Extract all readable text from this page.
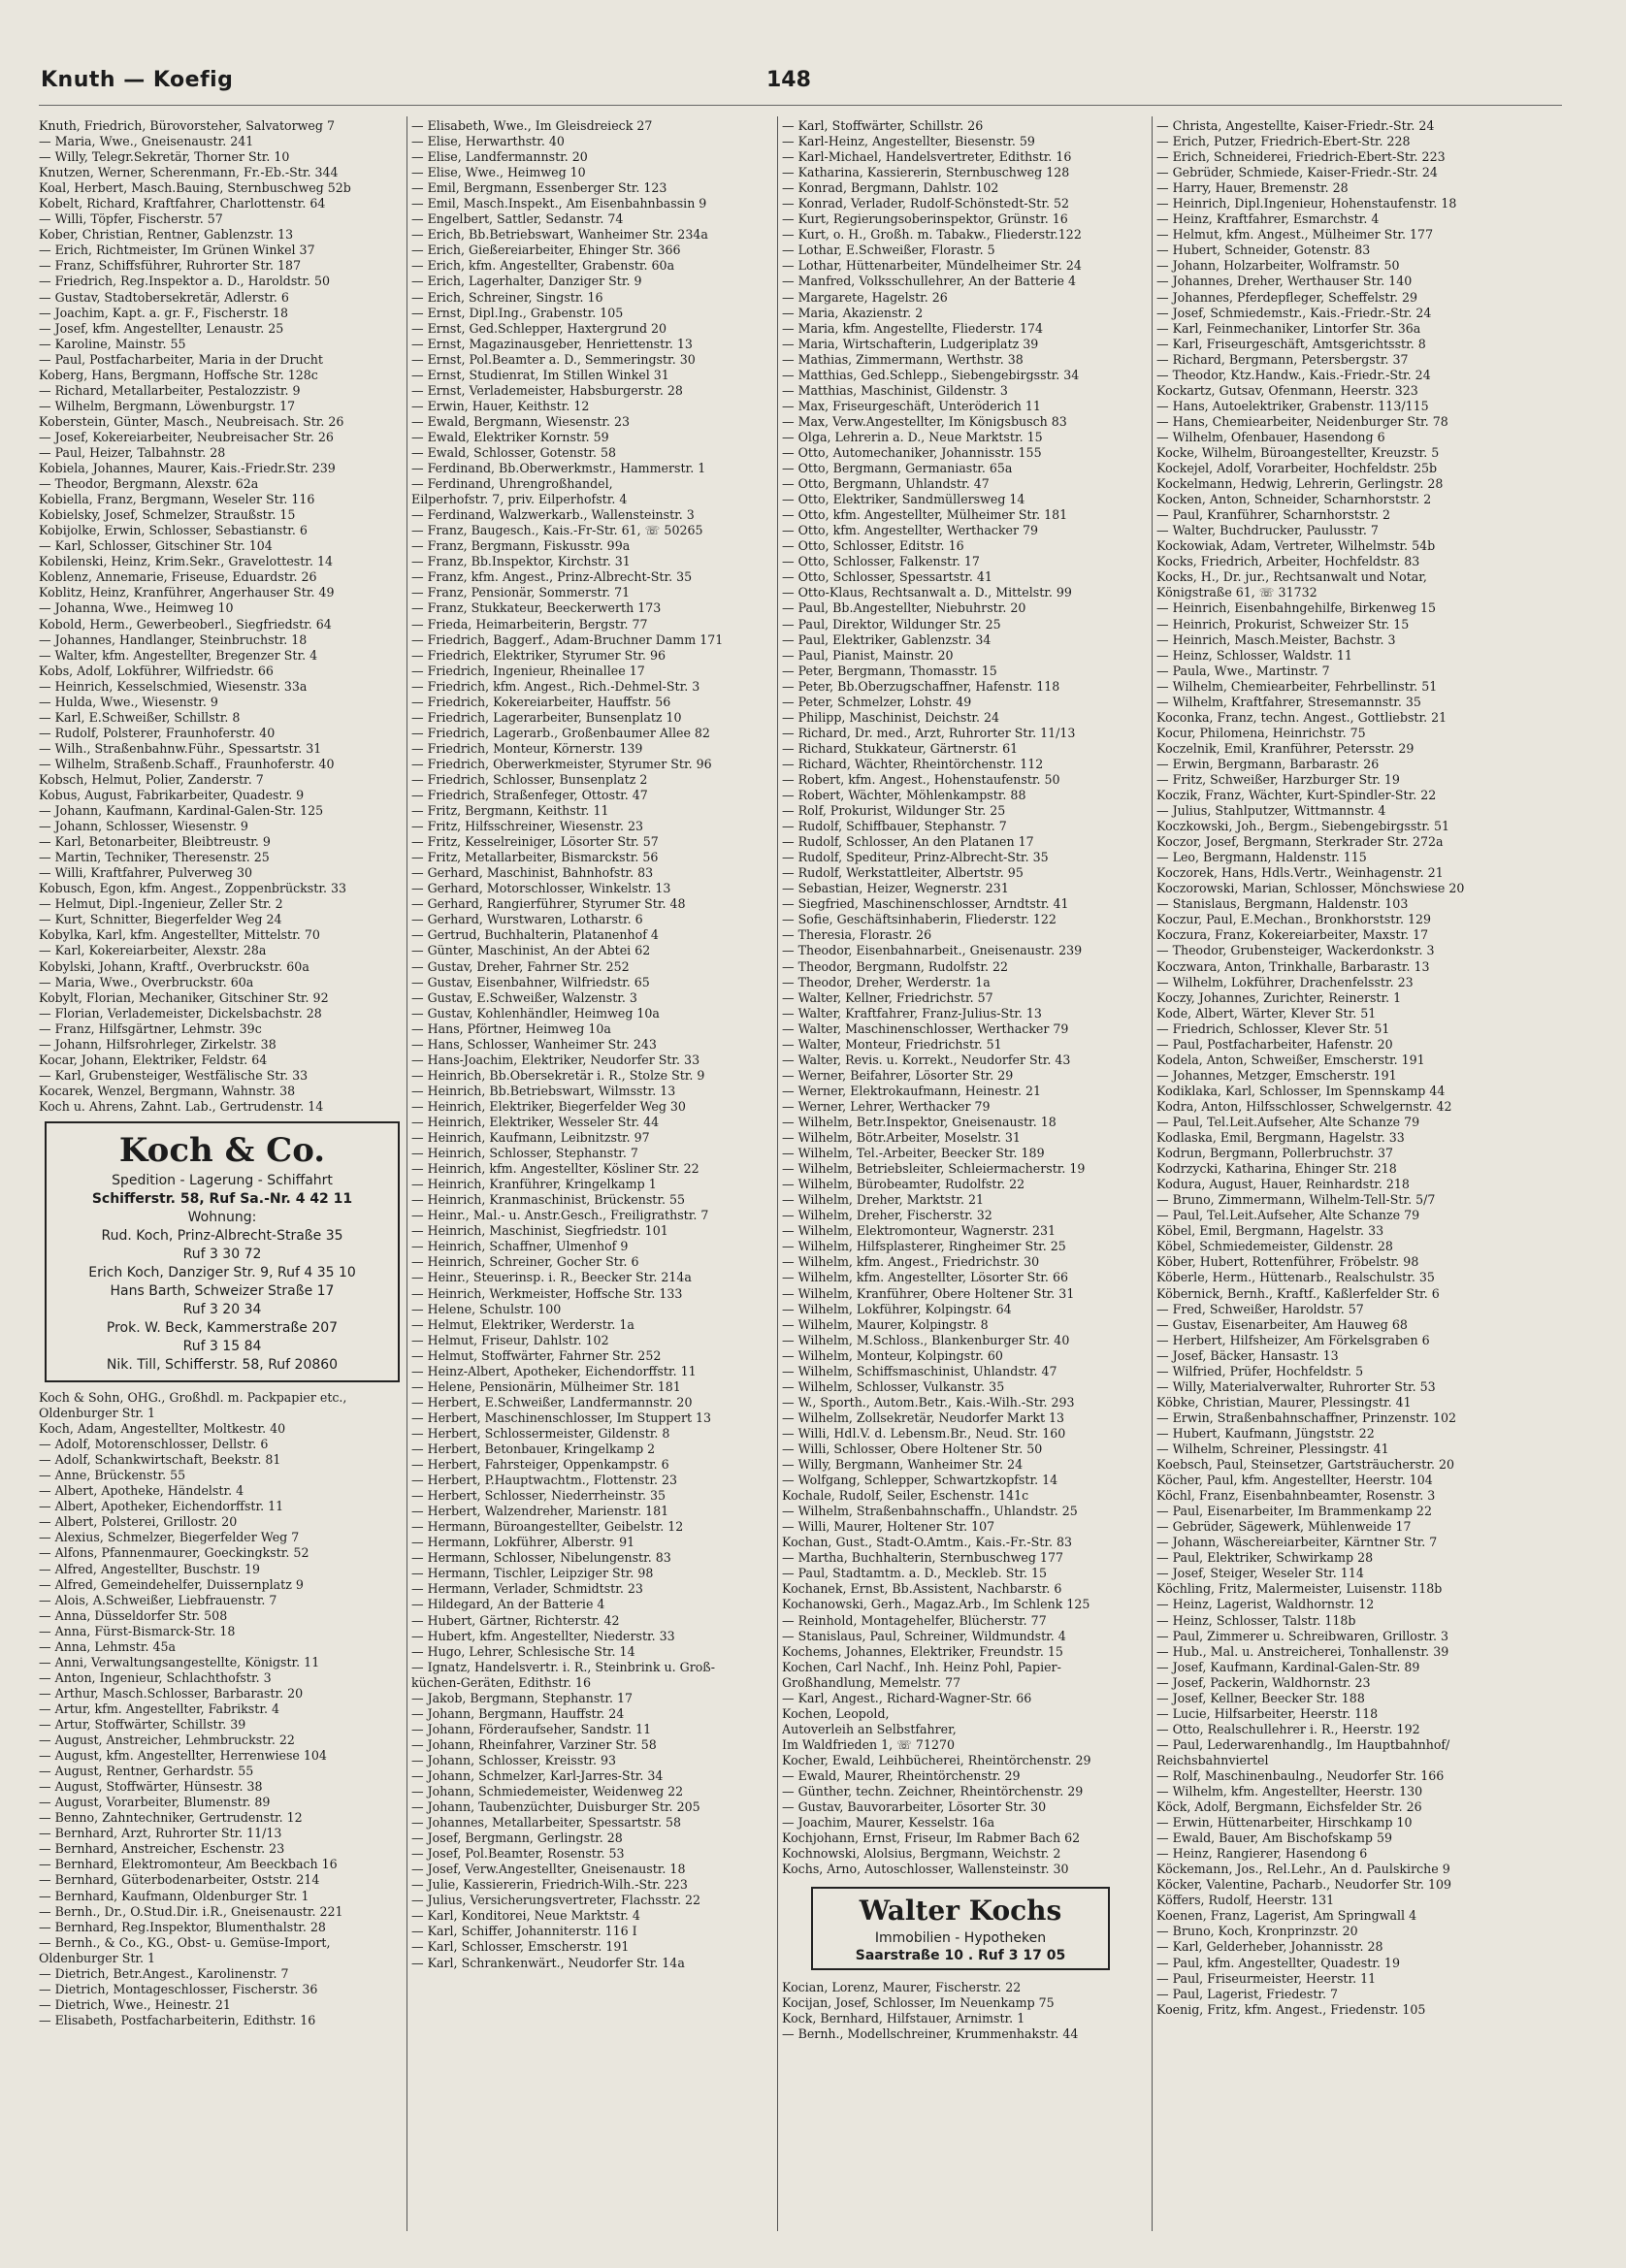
Knuth — Koefig	148
Knuth, Friedrich, Bürovorsteher, Salvatorweg 7
— Maria, Wwe., Gneisenaustr. 241
— Willy, Telegr.Sekretär, Thorner Str. 10
Knutzen, Werner, Scherenmann, Fr.-Eb.-Str. 344
Koal, Herbert, Masch.Bauing, Sternbuschweg 52b
Kobelt, Richard, Kraftfahrer, Charlottenstr. 64
— Willi, Töpfer, Fischerstr. 57
Kober, Christian, Rentner, Gablenzstr. 13
— Erich, Richtmeister, Im Grünen Winkel 37
— Franz, Schiffsführer, Ruhrorter Str. 187
— Friedrich, Reg.Inspektor a. D., Haroldstr. 50
— Gustav, Stadtobersekretär, Adlerstr. 6
— Joachim, Kapt. a. gr. F., Fischerstr. 18
— Josef, kfm. Angestellter, Lenaustr. 25
— Karoline, Mainstr. 55
— Paul, Postfacharbeiter, Maria in der Drucht
Koberg, Hans, Bergmann, Hoffsche Str. 128c
— Richard, Metallarbeiter, Pestalozzistr. 9
— Wilhelm, Bergmann, Löwenburgstr. 17
Koberstein, Günter, Masch., Neubreisach. Str. 26
— Josef, Kokereiarbeiter, Neubreisacher Str. 26
— Paul, Heizer, Talbahnstr. 28
Kobiela, Johannes, Maurer, Kais.-Friedr.Str. 239
— Theodor, Bergmann, Alexstr. 62a
Kobiella, Franz, Bergmann, Weseler Str. 116
Kobielsky, Josef, Schmelzer, Straußstr. 15
Kobijolke, Erwin, Schlosser, Sebastianstr. 6
— Karl, Schlosser, Gitschiner Str. 104
Kobilenski, Heinz, Krim.Sekr., Gravelottestr. 14
Koblenz, Annemarie, Friseuse, Eduardstr. 26
Koblitz, Heinz, Kranführer, Angerhauser Str. 49
— Johanna, Wwe., Heimweg 10
Kobold, Herm., Gewerbeoberl., Siegfriedstr. 64
— Johannes, Handlanger, Steinbruchstr. 18
— Walter, kfm. Angestellter, Bregenzer Str. 4
Kobs, Adolf, Lokführer, Wilfriedstr. 66
— Heinrich, Kesselschmied, Wiesenstr. 33a
— Hulda, Wwe., Wiesenstr. 9
— Karl, E.Schweißer, Schillstr. 8
— Rudolf, Polsterer, Fraunhoferstr. 40
— Wilh., Straßenbahnw.Führ., Spessartstr. 31
— Wilhelm, Straßenb.Schaff., Fraunhoferstr. 40
Kobsch, Helmut, Polier, Zanderstr. 7
Kobus, August, Fabrikarbeiter, Quadestr. 9
— Johann, Kaufmann, Kardinal-Galen-Str. 125
— Johann, Schlosser, Wiesenstr. 9
— Karl, Betonarbeiter, Bleibtreustr. 9
— Martin, Techniker, Theresenstr. 25
— Willi, Kraftfahrer, Pulverweg 30
Kobusch, Egon, kfm. Angest., Zoppenbrückstr. 33
— Helmut, Dipl.-Ingenieur, Zeller Str. 2
— Kurt, Schnitter, Biegerfelder Weg 24
Kobylka, Karl, kfm. Angestellter, Mittelstr. 70
— Karl, Kokereiarbeiter, Alexstr. 28a
Kobylski, Johann, Kraftf., Overbruckstr. 60a
— Maria, Wwe., Overbruckstr. 60a
Kobylt, Florian, Mechaniker, Gitschiner Str. 92
— Florian, Verlademeister, Dickelsbachstr. 28
— Franz, Hilfsgärtner, Lehmstr. 39c
— Johann, Hilfsrohrleger, Zirkelstr. 38
Kocar, Johann, Elektriker, Feldstr. 64
— Karl, Grubensteiger, Westfälische Str. 33
Kocarek, Wenzel, Bergmann, Wahnstr. 38
Koch u. Ahrens, Zahnt. Lab., Gertrudenstr. 14
Koch & Co.
Spedition - Lagerung - Schiffahrt
Schifferstr. 58, Ruf Sa.-Nr. 4 42 11
Wohnung:
Rud. Koch, Prinz-Albrecht-Straße 35
Ruf 3 30 72
Erich Koch, Danziger Str. 9, Ruf 4 35 10
Hans Barth, Schweizer Straße 17
Ruf 3 20 34
Prok. W. Beck, Kammerstraße 207
Ruf 3 15 84
Nik. Till, Schifferstr. 58, Ruf 20860
Koch & Sohn, OHG., Großhdl. m. Packpapier etc.,
Oldenburger Str. 1
Koch, Adam, Angestellter, Moltkestr. 40
— Adolf, Motorenschlosser, Dellstr. 6
— Adolf, Schankwirtschaft, Beekstr. 81
— Anne, Brückenstr. 55
— Albert, Apotheke, Händelstr. 4
— Albert, Apotheker, Eichendorffstr. 11
— Albert, Polsterei, Grillostr. 20
— Alexius, Schmelzer, Biegerfelder Weg 7
— Alfons, Pfannenmaurer, Goeckingkstr. 52
— Alfred, Angestellter, Buschstr. 19
— Alfred, Gemeindehelfer, Duissernplatz 9
— Alois, A.Schweißer, Liebfrauenstr. 7
— Anna, Düsseldorfer Str. 508
— Anna, Fürst-Bismarck-Str. 18
— Anna, Lehmstr. 45a
— Anni, Verwaltungsangestellte, Königstr. 11
— Anton, Ingenieur, Schlachthofstr. 3
— Arthur, Masch.Schlosser, Barbarastr. 20
— Artur, kfm. Angestellter, Fabrikstr. 4
— Artur, Stoffwärter, Schillstr. 39
— August, Anstreicher, Lehmbruckstr. 22
— August, kfm. Angestellter, Herrenwiese 104
— August, Rentner, Gerhardstr. 55
— August, Stoffwärter, Hünsestr. 38
— August, Vorarbeiter, Blumenstr. 89
— Benno, Zahntechniker, Gertrudenstr. 12
— Bernhard, Arzt, Ruhrorter Str. 11/13
— Bernhard, Anstreicher, Eschenstr. 23
— Bernhard, Elektromonteur, Am Beeckbach 16
— Bernhard, Güterbodenarbeiter, Oststr. 214
— Bernhard, Kaufmann, Oldenburger Str. 1
— Bernh., Dr., O.Stud.Dir. i.R., Gneisenaustr. 221
— Bernhard, Reg.Inspektor, Blumenthalstr. 28
— Bernh., & Co., KG., Obst- u. Gemüse-Import,
Oldenburger Str. 1
— Dietrich, Betr.Angest., Karolinenstr. 7
— Dietrich, Montageschlosser, Fischerstr. 36
— Dietrich, Wwe., Heinestr. 21
— Elisabeth, Postfacharbeiterin, Edithstr. 16
— Elisabeth, Wwe., Im Gleisdreieck 27
— Elise, Herwarthstr. 40
— Elise, Landfermannstr. 20
— Elise, Wwe., Heimweg 10
— Emil, Bergmann, Essenberger Str. 123
— Emil, Masch.Inspekt., Am Eisenbahnbassin 9
— Engelbert, Sattler, Sedanstr. 74
— Erich, Bb.Betriebswart, Wanheimer Str. 234a
— Erich, Gießereiarbeiter, Ehinger Str. 366
— Erich, kfm. Angestellter, Grabenstr. 60a
— Erich, Lagerhalter, Danziger Str. 9
— Erich, Schreiner, Singstr. 16
— Ernst, Dipl.Ing., Grabenstr. 105
— Ernst, Ged.Schlepper, Haxtergrund 20
— Ernst, Magazinausgeber, Henriettenstr. 13
— Ernst, Pol.Beamter a. D., Semmeringstr. 30
— Ernst, Studienrat, Im Stillen Winkel 31
— Ernst, Verlademeister, Habsburgerstr. 28
— Erwin, Hauer, Keithstr. 12
— Ewald, Bergmann, Wiesenstr. 23
— Ewald, Elektriker Kornstr. 59
— Ewald, Schlosser, Gotenstr. 58
— Ferdinand, Bb.Oberwerkmstr., Hammerstr. 1
— Ferdinand, Uhrengroßhandel,
Eilperhofstr. 7, priv. Eilperhofstr. 4
— Ferdinand, Walzwerkarb., Wallensteinstr. 3
— Franz, Baugesch., Kais.-Fr-Str. 61, ☏ 50265
— Franz, Bergmann, Fiskusstr. 99a
— Franz, Bb.Inspektor, Kirchstr. 31
— Franz, kfm. Angest., Prinz-Albrecht-Str. 35
— Franz, Pensionär, Sommerstr. 71
— Franz, Stukkateur, Beeckerwerth 173
— Frieda, Heimarbeiterin, Bergstr. 77
— Friedrich, Baggerf., Adam-Bruchner Damm 171
— Friedrich, Elektriker, Styrumer Str. 96
— Friedrich, Ingenieur, Rheinallee 17
— Friedrich, kfm. Angest., Rich.-Dehmel-Str. 3
— Friedrich, Kokereiarbeiter, Hauffstr. 56
— Friedrich, Lagerarbeiter, Bunsenplatz 10
— Friedrich, Lagerarb., Großenbaumer Allee 82
— Friedrich, Monteur, Körnerstr. 139
— Friedrich, Oberwerkmeister, Styrumer Str. 96
— Friedrich, Schlosser, Bunsenplatz 2
— Friedrich, Straßenfeger, Ottostr. 47
— Fritz, Bergmann, Keithstr. 11
— Fritz, Hilfsschreiner, Wiesenstr. 23
— Fritz, Kesselreiniger, Lösorter Str. 57
— Fritz, Metallarbeiter, Bismarckstr. 56
— Gerhard, Maschinist, Bahnhofstr. 83
— Gerhard, Motorschlosser, Winkelstr. 13
— Gerhard, Rangierführer, Styrumer Str. 48
— Gerhard, Wurstwaren, Lotharstr. 6
— Gertrud, Buchhalterin, Platanenhof 4
— Günter, Maschinist, An der Abtei 62
— Gustav, Dreher, Fahrner Str. 252
— Gustav, Eisenbahner, Wilfriedstr. 65
— Gustav, E.Schweißer, Walzenstr. 3
— Gustav, Kohlenhändler, Heimweg 10a
— Hans, Pförtner, Heimweg 10a
— Hans, Schlosser, Wanheimer Str. 243
— Hans-Joachim, Elektriker, Neudorfer Str. 33
— Heinrich, Bb.Obersekretär i. R., Stolze Str. 9
— Heinrich, Bb.Betriebswart, Wilmsstr. 13
— Heinrich, Elektriker, Biegerfelder Weg 30
— Heinrich, Elektriker, Wesseler Str. 44
— Heinrich, Kaufmann, Leibnitzstr. 97
— Heinrich, Schlosser, Stephanstr. 7
— Heinrich, kfm. Angestellter, Kösliner Str. 22
— Heinrich, Kranführer, Kringelkamp 1
— Heinrich, Kranmaschinist, Brückenstr. 55
— Heinr., Mal.- u. Anstr.Gesch., Freiligrathstr. 7
— Heinrich, Maschinist, Siegfriedstr. 101
— Heinrich, Schaffner, Ulmenhof 9
— Heinrich, Schreiner, Gocher Str. 6
— Heinr., Steuerinsp. i. R., Beecker Str. 214a
— Heinrich, Werkmeister, Hoffsche Str. 133
— Helene, Schulstr. 100
— Helmut, Elektriker, Werderstr. 1a
— Helmut, Friseur, Dahlstr. 102
— Helmut, Stoffwärter, Fahrner Str. 252
— Heinz-Albert, Apotheker, Eichendorffstr. 11
— Helene, Pensionärin, Mülheimer Str. 181
— Herbert, E.Schweißer, Landfermannstr. 20
— Herbert, Maschinenschlosser, Im Stuppert 13
— Herbert, Schlossermeister, Gildenstr. 8
— Herbert, Betonbauer, Kringelkamp 2
— Herbert, Fahrsteiger, Oppenkampstr. 6
— Herbert, P.Hauptwachtm., Flottenstr. 23
— Herbert, Schlosser, Niederrheinstr. 35
— Herbert, Walzendreher, Marienstr. 181
— Hermann, Büroangestellter, Geibelstr. 12
— Hermann, Lokführer, Alberstr. 91
— Hermann, Schlosser, Nibelungenstr. 83
— Hermann, Tischler, Leipziger Str. 98
— Hermann, Verlader, Schmidtstr. 23
— Hildegard, An der Batterie 4
— Hubert, Gärtner, Richterstr. 42
— Hubert, kfm. Angestellter, Niederstr. 33
— Hugo, Lehrer, Schlesische Str. 14
— Ignatz, Handelsvertr. i. R., Steinbrink u. Groß-
küchen-Geräten, Edithstr. 16
— Jakob, Bergmann, Stephanstr. 17
— Johann, Bergmann, Hauffstr. 24
— Johann, Förderaufseher, Sandstr. 11
— Johann, Rheinfahrer, Varziner Str. 58
— Johann, Schlosser, Kreisstr. 93
— Johann, Schmelzer, Karl-Jarres-Str. 34
— Johann, Schmiedemeister, Weidenweg 22
— Johann, Taubenzüchter, Duisburger Str. 205
— Johannes, Metallarbeiter, Spessartstr. 58
— Josef, Bergmann, Gerlingstr. 28
— Josef, Pol.Beamter, Rosenstr. 53
— Josef, Verw.Angestellter, Gneisenaustr. 18
— Julie, Kassiererin, Friedrich-Wilh.-Str. 223
— Julius, Versicherungsvertreter, Flachsstr. 22
— Karl, Konditorei, Neue Marktstr. 4
— Karl, Schiffer, Johanniterstr. 116 I
— Karl, Schlosser, Emscherstr. 191
— Karl, Schrankenwärt., Neudorfer Str. 14a
— Karl, Stoffwärter, Schillstr. 26
— Karl-Heinz, Angestellter, Biesenstr. 59
— Karl-Michael, Handelsvertreter, Edithstr. 16
— Katharina, Kassiererin, Sternbuschweg 128
— Konrad, Bergmann, Dahlstr. 102
— Konrad, Verlader, Rudolf-Schönstedt-Str. 52
— Kurt, Regierungsoberinspektor, Grünstr. 16
— Kurt, o. H., Großh. m. Tabakw., Fliederstr.122
— Lothar, E.Schweißer, Florastr. 5
— Lothar, Hüttenarbeiter, Mündelheimer Str. 24
— Manfred, Volksschullehrer, An der Batterie 4
— Margarete, Hagelstr. 26
— Maria, Akazienstr. 2
— Maria, kfm. Angestellte, Fliederstr. 174
— Maria, Wirtschafterin, Ludgeriplatz 39
— Mathias, Zimmermann, Werthstr. 38
— Matthias, Ged.Schlepp., Siebengebirgsstr. 34
— Matthias, Maschinist, Gildenstr. 3
— Max, Friseurgeschäft, Unteröderich 11
— Max, Verw.Angestellter, Im Königsbusch 83
— Olga, Lehrerin a. D., Neue Marktstr. 15
— Otto, Automechaniker, Johannisstr. 155
— Otto, Bergmann, Germaniastr. 65a
— Otto, Bergmann, Uhlandstr. 47
— Otto, Elektriker, Sandmüllersweg 14
— Otto, kfm. Angestellter, Mülheimer Str. 181
— Otto, kfm. Angestellter, Werthacker 79
— Otto, Schlosser, Editstr. 16
— Otto, Schlosser, Falkenstr. 17
— Otto, Schlosser, Spessartstr. 41
— Otto-Klaus, Rechtsanwalt a. D., Mittelstr. 99
— Paul, Bb.Angestellter, Niebuhrstr. 20
— Paul, Direktor, Wildunger Str. 25
— Paul, Elektriker, Gablenzstr. 34
— Paul, Pianist, Mainstr. 20
— Peter, Bergmann, Thomasstr. 15
— Peter, Bb.Oberzugschaffner, Hafenstr. 118
— Peter, Schmelzer, Lohstr. 49
— Philipp, Maschinist, Deichstr. 24
— Richard, Dr. med., Arzt, Ruhrorter Str. 11/13
— Richard, Stukkateur, Gärtnerstr. 61
— Richard, Wächter, Rheintörchenstr. 112
— Robert, kfm. Angest., Hohenstaufenstr. 50
— Robert, Wächter, Möhlenkampstr. 88
— Rolf, Prokurist, Wildunger Str. 25
— Rudolf, Schiffbauer, Stephanstr. 7
— Rudolf, Schlosser, An den Platanen 17
— Rudolf, Spediteur, Prinz-Albrecht-Str. 35
— Rudolf, Werkstattleiter, Albertstr. 95
— Sebastian, Heizer, Wegnerstr. 231
— Siegfried, Maschinenschlosser, Arndtstr. 41
— Sofie, Geschäftsinhaberin, Fliederstr. 122
— Theresia, Florastr. 26
— Theodor, Eisenbahnarbeit., Gneisenaustr. 239
— Theodor, Bergmann, Rudolfstr. 22
— Theodor, Dreher, Werderstr. 1a
— Walter, Kellner, Friedrichstr. 57
— Walter, Kraftfahrer, Franz-Julius-Str. 13
— Walter, Maschinenschlosser, Werthacker 79
— Walter, Monteur, Friedrichstr. 51
— Walter, Revis. u. Korrekt., Neudorfer Str. 43
— Werner, Beifahrer, Lösorter Str. 29
— Werner, Elektrokaufmann, Heinestr. 21
— Werner, Lehrer, Werthacker 79
— Wilhelm, Betr.Inspektor, Gneisenaustr. 18
— Wilhelm, Bötr.Arbeiter, Moselstr. 31
— Wilhelm, Tel.-Arbeiter, Beecker Str. 189
— Wilhelm, Betriebsleiter, Schleiermacherstr. 19
— Wilhelm, Bürobeamter, Rudolfstr. 22
— Wilhelm, Dreher, Marktstr. 21
— Wilhelm, Dreher, Fischerstr. 32
— Wilhelm, Elektromonteur, Wagnerstr. 231
— Wilhelm, Hilfsplasterer, Ringheimer Str. 25
— Wilhelm, kfm. Angest., Friedrichstr. 30
— Wilhelm, kfm. Angestellter, Lösorter Str. 66
— Wilhelm, Kranführer, Obere Holtener Str. 31
— Wilhelm, Lokführer, Kolpingstr. 64
— Wilhelm, Maurer, Kolpingstr. 8
— Wilhelm, M.Schloss., Blankenburger Str. 40
— Wilhelm, Monteur, Kolpingstr. 60
— Wilhelm, Schiffsmaschinist, Uhlandstr. 47
— Wilhelm, Schlosser, Vulkanstr. 35
— W., Sporth., Autom.Betr., Kais.-Wilh.-Str. 293
— Wilhelm, Zollsekretär, Neudorfer Markt 13
— Willi, Hdl.V. d. Lebensm.Br., Neud. Str. 160
— Willi, Schlosser, Obere Holtener Str. 50
— Willy, Bergmann, Wanheimer Str. 24
— Wolfgang, Schlepper, Schwartzkopfstr. 14
Kochale, Rudolf, Seiler, Eschenstr. 141c
— Wilhelm, Straßenbahnschaffn., Uhlandstr. 25
— Willi, Maurer, Holtener Str. 107
Kochan, Gust., Stadt-O.Amtm., Kais.-Fr.-Str. 83
— Martha, Buchhalterin, Sternbuschweg 177
— Paul, Stadtamtm. a. D., Meckleb. Str. 15
Kochanek, Ernst, Bb.Assistent, Nachbarstr. 6
Kochanowski, Gerh., Magaz.Arb., Im Schlenk 125
— Reinhold, Montagehelfer, Blücherstr. 77
— Stanislaus, Paul, Schreiner, Wildmundstr. 4
Kochems, Johannes, Elektriker, Freundstr. 15
Kochen, Carl Nachf., Inh. Heinz Pohl, Papier-
Großhandlung, Memelstr. 77
— Karl, Angest., Richard-Wagner-Str. 66
Kochen, Leopold,
Autoverleih an Selbstfahrer,
Im Waldfrieden 1, ☏ 71270
Kocher, Ewald, Leihbücherei, Rheintörchenstr. 29
— Ewald, Maurer, Rheintörchenstr. 29
— Günther, techn. Zeichner, Rheintörchenstr. 29
— Gustav, Bauvorarbeiter, Lösorter Str. 30
— Joachim, Maurer, Kesselstr. 16a
Kochjohann, Ernst, Friseur, Im Rabmer Bach 62
Kochnowski, Alolsius, Bergmann, Weichstr. 2
Kochs, Arno, Autoschlosser, Wallensteinstr. 30
Walter Kochs
Immobilien - Hypotheken
Saarstraße 10 . Ruf 3 17 05
Kocian, Lorenz, Maurer, Fischerstr. 22
Kocijan, Josef, Schlosser, Im Neuenkamp 75
Kock, Bernhard, Hilfstauer, Arnimstr. 1
— Bernh., Modellschreiner, Krummenhakstr. 44
— Christa, Angestellte, Kaiser-Friedr.-Str. 24
— Erich, Putzer, Friedrich-Ebert-Str. 228
— Erich, Schneiderei, Friedrich-Ebert-Str. 223
— Gebrüder, Schmiede, Kaiser-Friedr.-Str. 24
— Harry, Hauer, Bremenstr. 28
— Heinrich, Dipl.Ingenieur, Hohenstaufenstr. 18
— Heinz, Kraftfahrer, Esmarchstr. 4
— Helmut, kfm. Angest., Mülheimer Str. 177
— Hubert, Schneider, Gotenstr. 83
— Johann, Holzarbeiter, Wolframstr. 50
— Johannes, Dreher, Werthauser Str. 140
— Johannes, Pferdepfleger, Scheffelstr. 29
— Josef, Schmiedemstr., Kais.-Friedr.-Str. 24
— Karl, Feinmechaniker, Lintorfer Str. 36a
— Karl, Friseurgeschäft, Amtsgerichtsstr. 8
— Richard, Bergmann, Petersbergstr. 37
— Theodor, Ktz.Handw., Kais.-Friedr.-Str. 24
Kockartz, Gutsav, Ofenmann, Heerstr. 323
— Hans, Autoelektriker, Grabenstr. 113/115
— Hans, Chemiearbeiter, Neidenburger Str. 78
— Wilhelm, Ofenbauer, Hasendong 6
Kocke, Wilhelm, Büroangestellter, Kreuzstr. 5
Kockejel, Adolf, Vorarbeiter, Hochfeldstr. 25b
Kockelmann, Hedwig, Lehrerin, Gerlingstr. 28
Kocken, Anton, Schneider, Scharnhorststr. 2
— Paul, Kranführer, Scharnhorststr. 2
— Walter, Buchdrucker, Paulusstr. 7
Kockowiak, Adam, Vertreter, Wilhelmstr. 54b
Kocks, Friedrich, Arbeiter, Hochfeldstr. 83
Kocks, H., Dr. jur., Rechtsanwalt und Notar,
Königstraße 61, ☏ 31732
— Heinrich, Eisenbahngehilfe, Birkenweg 15
— Heinrich, Prokurist, Schweizer Str. 15
— Heinrich, Masch.Meister, Bachstr. 3
— Heinz, Schlosser, Waldstr. 11
— Paula, Wwe., Martinstr. 7
— Wilhelm, Chemiearbeiter, Fehrbellinstr. 51
— Wilhelm, Kraftfahrer, Stresemannstr. 35
Koconka, Franz, techn. Angest., Gottliebstr. 21
Kocur, Philomena, Heinrichstr. 75
Koczelnik, Emil, Kranführer, Petersstr. 29
— Erwin, Bergmann, Barbarastr. 26
— Fritz, Schweißer, Harzburger Str. 19
Koczik, Franz, Wächter, Kurt-Spindler-Str. 22
— Julius, Stahlputzer, Wittmannstr. 4
Koczkowski, Joh., Bergm., Siebengebirgsstr. 51
Koczor, Josef, Bergmann, Sterkrader Str. 272a
— Leo, Bergmann, Haldenstr. 115
Koczorek, Hans, Hdls.Vertr., Weinhagenstr. 21
Koczorowski, Marian, Schlosser, Mönchswiese 20
— Stanislaus, Bergmann, Haldenstr. 103
Koczur, Paul, E.Mechan., Bronkhorststr. 129
Koczura, Franz, Kokereiarbeiter, Maxstr. 17
— Theodor, Grubensteiger, Wackerdonkstr. 3
Koczwara, Anton, Trinkhalle, Barbarastr. 13
— Wilhelm, Lokführer, Drachenfelsstr. 23
Koczy, Johannes, Zurichter, Reinerstr. 1
Kode, Albert, Wärter, Klever Str. 51
— Friedrich, Schlosser, Klever Str. 51
— Paul, Postfacharbeiter, Hafenstr. 20
Kodela, Anton, Schweißer, Emscherstr. 191
— Johannes, Metzger, Emscherstr. 191
Kodiklaka, Karl, Schlosser, Im Spennskamp 44
Kodra, Anton, Hilfsschlosser, Schwelgernstr. 42
— Paul, Tel.Leit.Aufseher, Alte Schanze 79
Kodlaska, Emil, Bergmann, Hagelstr. 33
Kodrun, Bergmann, Pollerbruchstr. 37
Kodrzycki, Katharina, Ehinger Str. 218
Kodura, August, Hauer, Reinhardstr. 218
— Bruno, Zimmermann, Wilhelm-Tell-Str. 5/7
— Paul, Tel.Leit.Aufseher, Alte Schanze 79
Köbel, Emil, Bergmann, Hagelstr. 33
Köbel, Schmiedemeister, Gildenstr. 28
Köber, Hubert, Rottenführer, Fröbelstr. 98
Köberle, Herm., Hüttenarb., Realschulstr. 35
Köbernick, Bernh., Kraftf., Kaßlerfelder Str. 6
— Fred, Schweißer, Haroldstr. 57
— Gustav, Eisenarbeiter, Am Hauweg 68
— Herbert, Hilfsheizer, Am Förkelsgraben 6
— Josef, Bäcker, Hansastr. 13
— Wilfried, Prüfer, Hochfeldstr. 5
— Willy, Materialverwalter, Ruhrorter Str. 53
Köbke, Christian, Maurer, Plessingstr. 41
— Erwin, Straßenbahnschaffner, Prinzenstr. 102
— Hubert, Kaufmann, Jüngststr. 22
— Wilhelm, Schreiner, Plessingstr. 41
Koebsch, Paul, Steinsetzer, Gartsträucherstr. 20
Köcher, Paul, kfm. Angestellter, Heerstr. 104
Köchl, Franz, Eisenbahnbeamter, Rosenstr. 3
— Paul, Eisenarbeiter, Im Brammenkamp 22
— Gebrüder, Sägewerk, Mühlenweide 17
— Johann, Wäschereiarbeiter, Kärntner Str. 7
— Paul, Elektriker, Schwirkamp 28
— Josef, Steiger, Weseler Str. 114
Köchling, Fritz, Malermeister, Luisenstr. 118b
— Heinz, Lagerist, Waldhornstr. 12
— Heinz, Schlosser, Talstr. 118b
— Paul, Zimmerer u. Schreibwaren, Grillostr. 3
— Hub., Mal. u. Anstreicherei, Tonhallenstr. 39
— Josef, Kaufmann, Kardinal-Galen-Str. 89
— Josef, Packerin, Waldhornstr. 23
— Josef, Kellner, Beecker Str. 188
— Lucie, Hilfsarbeiter, Heerstr. 118
— Otto, Realschullehrer i. R., Heerstr. 192
— Paul, Lederwarenhandlg., Im Hauptbahnhof/
Reichsbahnviertel
— Rolf, Maschinenbaulng., Neudorfer Str. 166
— Wilhelm, kfm. Angestellter, Heerstr. 130
Köck, Adolf, Bergmann, Eichsfelder Str. 26
— Erwin, Hüttenarbeiter, Hirschkamp 10
— Ewald, Bauer, Am Bischofskamp 59
— Heinz, Rangierer, Hasendong 6
Köckemann, Jos., Rel.Lehr., An d. Paulskirche 9
Köcker, Valentine, Pacharb., Neudorfer Str. 109
Köffers, Rudolf, Heerstr. 131
Koenen, Franz, Lagerist, Am Springwall 4
— Bruno, Koch, Kronprinzstr. 20
— Karl, Gelderheber, Johannisstr. 28
— Paul, kfm. Angestellter, Quadestr. 19
— Paul, Friseurmeister, Heerstr. 11
— Paul, Lagerist, Friedestr. 7
Koenig, Fritz, kfm. Angest., Friedenstr. 105
